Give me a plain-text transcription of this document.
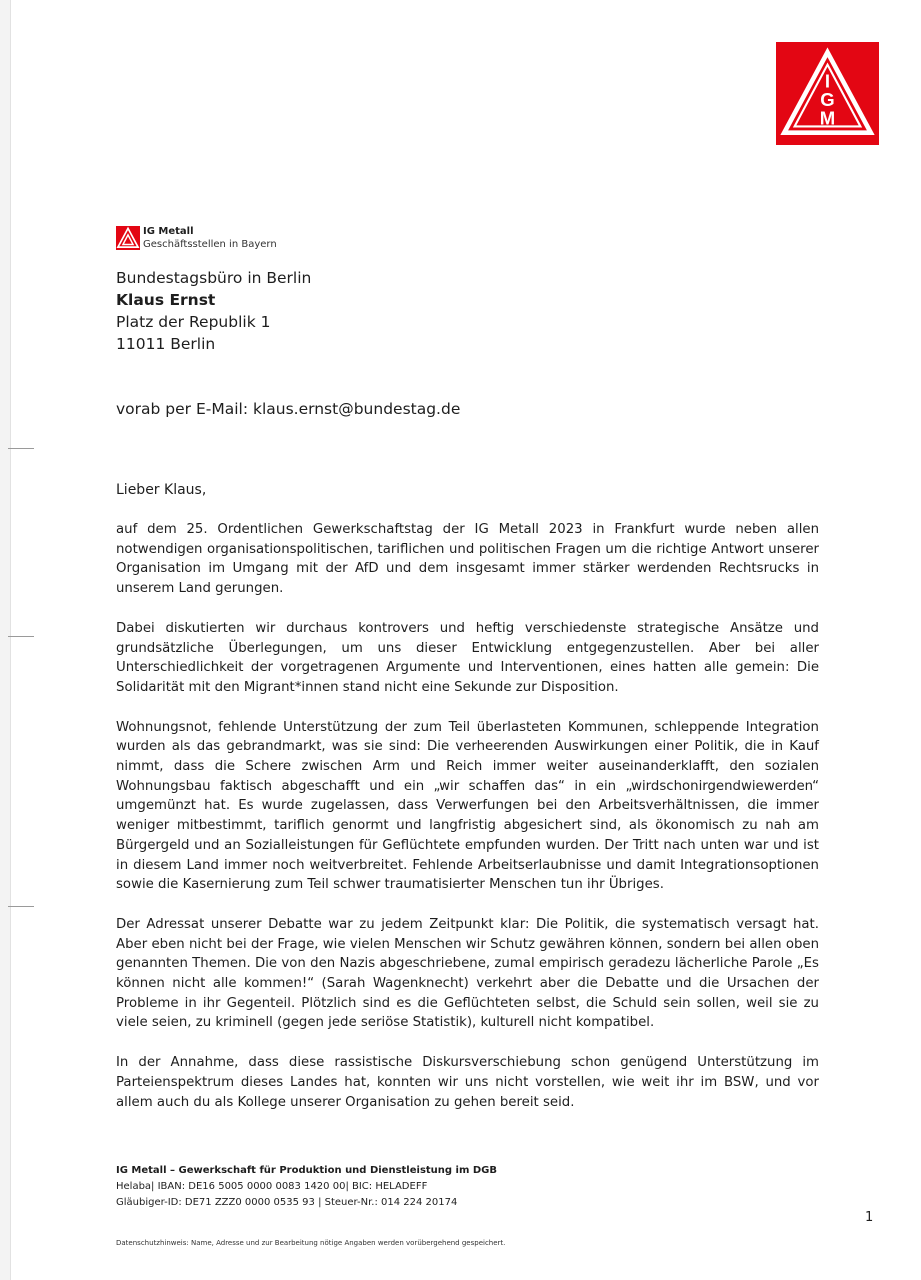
I
G
M
IG Metall
Geschäftsstellen in Bayern
Bundestagsbüro in Berlin
Klaus Ernst
Platz der Republik 1
11011 Berlin
vorab per E-Mail: klaus.ernst@bundestag.de
Lieber Klaus,

auf dem 25. Ordentlichen Gewerkschaftstag der IG Metall 2023 in Frankfurt wurde neben allen notwendigen organisationspolitischen, tariflichen und politischen Fragen um die richtige Antwort unserer Organisation im Umgang mit der AfD und dem insgesamt immer stärker werdenden Rechtsrucks in unserem Land gerungen.

Dabei diskutierten wir durchaus kontrovers und heftig verschiedenste strategische Ansätze und grundsätzliche Überlegungen, um uns dieser Entwicklung entgegenzustellen. Aber bei aller Unterschiedlichkeit der vorgetragenen Argumente und Interventionen, eines hatten alle gemein: Die Solidarität mit den Migrant*innen stand nicht eine Sekunde zur Disposition.

Wohnungsnot, fehlende Unterstützung der zum Teil überlasteten Kommunen, schleppende Integration wurden als das gebrandmarkt, was sie sind: Die verheerenden Auswirkungen einer Politik, die in Kauf nimmt, dass die Schere zwischen Arm und Reich immer weiter auseinanderklafft, den sozialen Wohnungsbau faktisch abgeschafft und ein „wir schaffen das“ in ein „wirdschonirgendwiewerden“ umgemünzt hat. Es wurde zugelassen, dass Verwerfungen bei den Arbeitsverhältnissen, die immer weniger mitbestimmt, tariflich genormt und langfristig abgesichert sind, als ökonomisch zu nah am Bürgergeld und an Sozialleistungen für Geflüchtete empfunden wurden. Der Tritt nach unten war und ist in diesem Land immer noch weitverbreitet. Fehlende Arbeitserlaubnisse und damit Integrationsoptionen sowie die Kasernierung zum Teil schwer traumatisierter Menschen tun ihr Übriges.

Der Adressat unserer Debatte war zu jedem Zeitpunkt klar: Die Politik, die systematisch versagt hat. Aber eben nicht bei der Frage, wie vielen Menschen wir Schutz gewähren können, sondern bei allen oben genannten Themen. Die von den Nazis abgeschriebene, zumal empirisch geradezu lächerliche Parole „Es können nicht alle kommen!“ (Sarah Wagenknecht) verkehrt aber die Debatte und die Ursachen der Probleme in ihr Gegenteil. Plötzlich sind es die Geflüchteten selbst, die Schuld sein sollen, weil sie zu viele seien, zu kriminell (gegen jede seriöse Statistik), kulturell nicht kompatibel.

In der Annahme, dass diese rassistische Diskursverschiebung schon genügend Unterstützung im Parteienspektrum dieses Landes hat, konnten wir uns nicht vorstellen, wie weit ihr im BSW, und vor allem auch du als Kollege unserer Organisation zu gehen bereit seid.

IG Metall – Gewerkschaft für Produktion und Dienstleistung im DGB
Helaba| IBAN: DE16 5005 0000 0083 1420 00| BIC: HELADEFF
Gläubiger-ID: DE71 ZZZ0 0000 0535 93 | Steuer-Nr.: 014 224 20174
1
Datenschutzhinweis: Name, Adresse und zur Bearbeitung nötige Angaben werden vorübergehend gespeichert.
